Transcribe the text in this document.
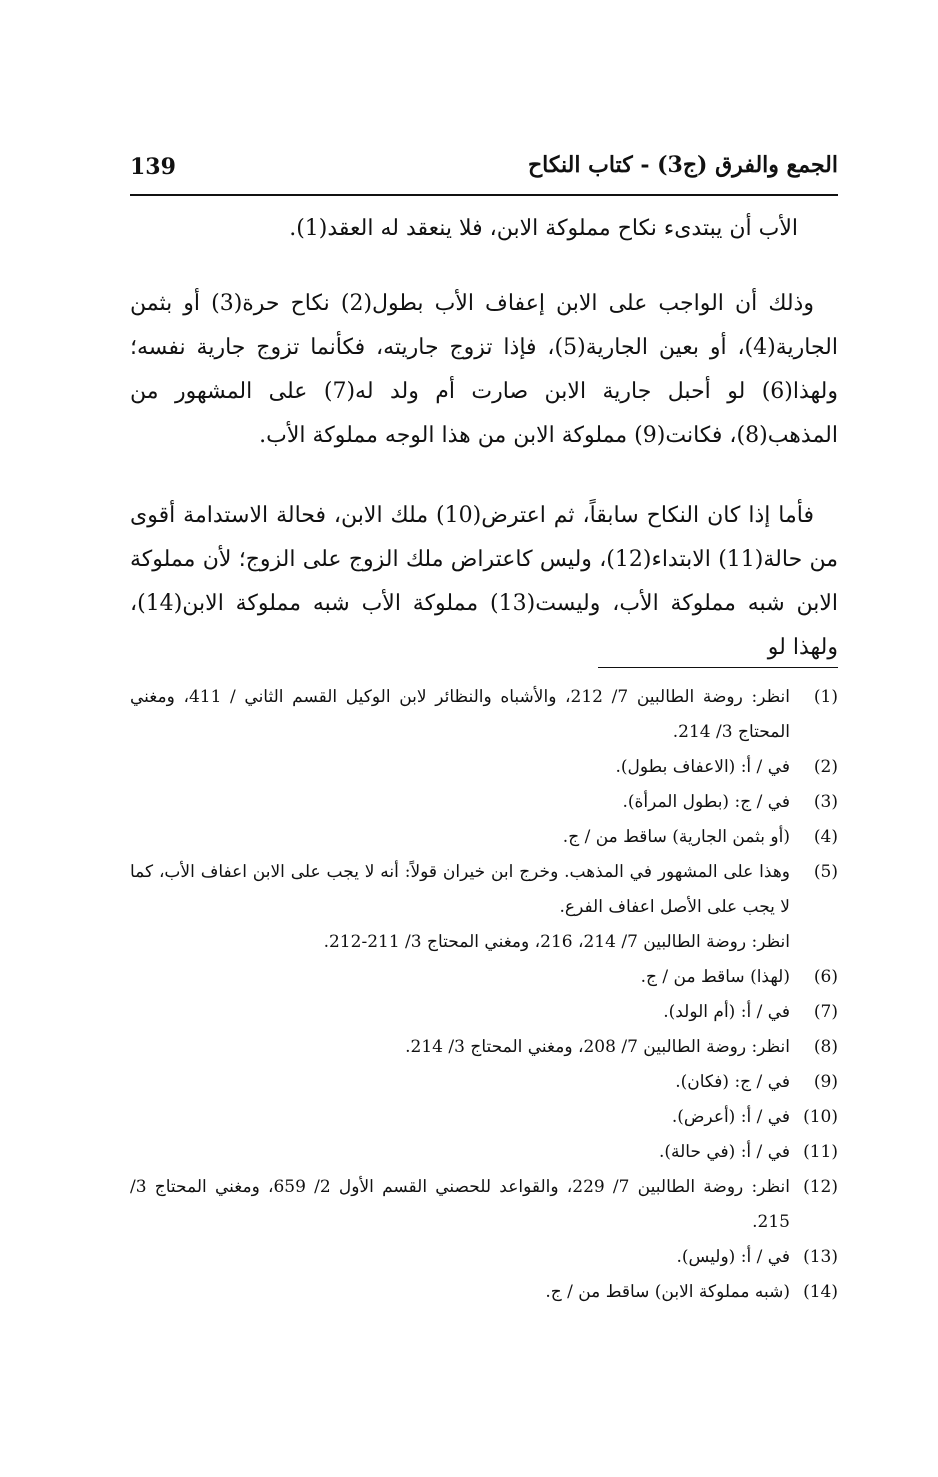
139	الجمع والفرق (ج3) - كتاب النكاح

الأب أن يبتدىء نكاح مملوكة الابن، فلا ينعقد له العقد(1).

وذلك أن الواجب على الابن إعفاف الأب بطول(2) نكاح حرة(3) أو بثمن الجارية(4)، أو بعين الجارية(5)، فإذا تزوج جاريته، فكأنما تزوج جارية نفسه؛ ولهذا(6) لو أحبل جارية الابن صارت أم ولد له(7) على المشهور من المذهب(8)، فكانت(9) مملوكة الابن من هذا الوجه مملوكة الأب.

فأما إذا كان النكاح سابقاً، ثم اعترض(10) ملك الابن، فحالة الاستدامة أقوى من حالة(11) الابتداء(12)، وليس كاعتراض ملك الزوج على الزوج؛ لأن مملوكة الابن شبه مملوكة الأب، وليست(13) مملوكة الأب شبه مملوكة الابن(14)، ولهذا لو

(1)
انظر: روضة الطالبين 7/ 212، والأشباه والنظائر لابن الوكيل القسم الثاني / 411، ومغني المحتاج 3/ 214.
(2)
في / أ: (الاعفاف بطول).
(3)
في / ج: (بطول المرأة).
(4)
(أو بثمن الجارية) ساقط من / ج.
(5)
وهذا على المشهور في المذهب. وخرج ابن خيران قولاً: أنه لا يجب على الابن اعفاف الأب، كما لا يجب على الأصل اعفاف الفرع.
انظر: روضة الطالبين 7/ 214، 216، ومغني المحتاج 3/ 211-212.
(6)
(لهذا) ساقط من / ج.
(7)
في / أ: (أم الولد).
(8)
انظر: روضة الطالبين 7/ 208، ومغني المحتاج 3/ 214.
(9)
في / ج: (فكان).
(10)
في / أ: (أعرض).
(11)
في / أ: (في حالة).
(12)
انظر: روضة الطالبين 7/ 229، والقواعد للحصني القسم الأول 2/ 659، ومغني المحتاج 3/ 215.
(13)
في / أ: (وليس).
(14)
(شبه مملوكة الابن) ساقط من / ج.
